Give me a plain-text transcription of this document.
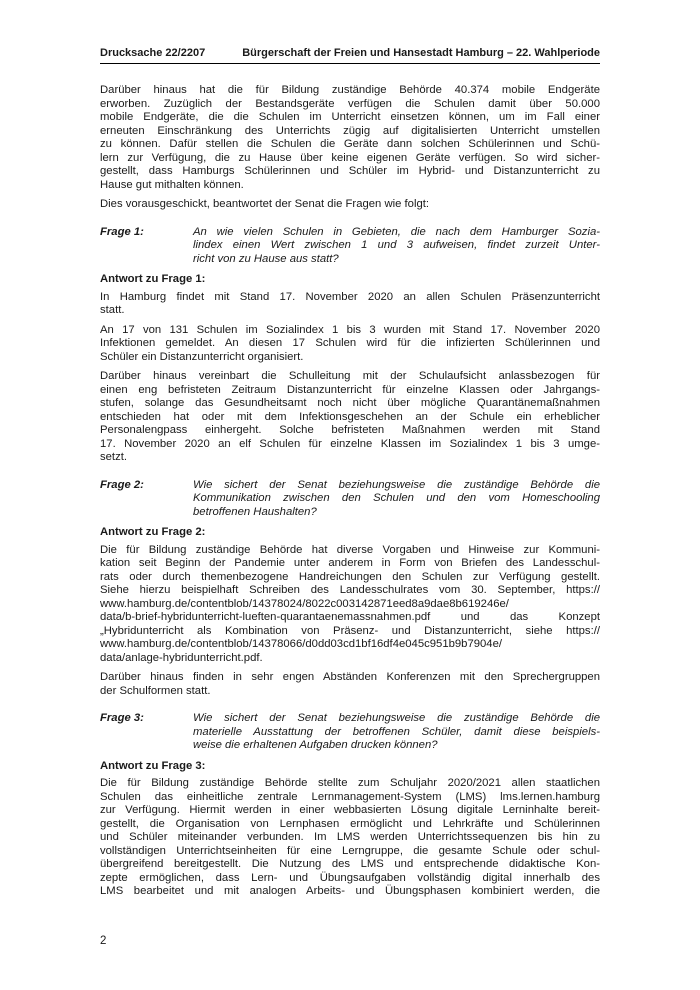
Drucksache 22/2207	Bürgerschaft der Freien und Hansestadt Hamburg – 22. Wahlperiode
Darüber hinaus hat die für Bildung zuständige Behörde 40.374 mobile Endgeräte
erworben. Zuzüglich der Bestandsgeräte verfügen die Schulen damit über 50.000
mobile Endgeräte, die die Schulen im Unterricht einsetzen können, um im Fall einer
erneuten Einschränkung des Unterrichts zügig auf digitalisierten Unterricht umstellen
zu können. Dafür stellen die Schulen die Geräte dann solchen Schülerinnen und Schü-
lern zur Verfügung, die zu Hause über keine eigenen Geräte verfügen. So wird sicher-
gestellt, dass Hamburgs Schülerinnen und Schüler im Hybrid- und Distanzunterricht zu
Hause gut mithalten können.
Dies vorausgeschickt, beantwortet der Senat die Fragen wie folgt:
Frage 1:	An wie vielen Schulen in Gebieten, die nach dem Hamburger Sozia-
lindex einen Wert zwischen 1 und 3 aufweisen, findet zurzeit Unter-
richt von zu Hause aus statt?
Antwort zu Frage 1:
In Hamburg findet mit Stand 17. November 2020 an allen Schulen Präsenzunterricht
statt.
An 17 von 131 Schulen im Sozialindex 1 bis 3 wurden mit Stand 17. November 2020
Infektionen gemeldet. An diesen 17 Schulen wird für die infizierten Schülerinnen und
Schüler ein Distanzunterricht organisiert.
Darüber hinaus vereinbart die Schulleitung mit der Schulaufsicht anlassbezogen für
einen eng befristeten Zeitraum Distanzunterricht für einzelne Klassen oder Jahrgangs-
stufen, solange das Gesundheitsamt noch nicht über mögliche Quarantänemaßnahmen
entschieden hat oder mit dem Infektionsgeschehen an der Schule ein erheblicher
Personalengpass einhergeht. Solche befristeten Maßnahmen werden mit Stand
17. November 2020 an elf Schulen für einzelne Klassen im Sozialindex 1 bis 3 umge-
setzt.
Frage 2:	Wie sichert der Senat beziehungsweise die zuständige Behörde die
Kommunikation zwischen den Schulen und den vom Homeschooling
betroffenen Haushalten?
Antwort zu Frage 2:
Die für Bildung zuständige Behörde hat diverse Vorgaben und Hinweise zur Kommuni-
kation seit Beginn der Pandemie unter anderem in Form von Briefen des Landesschul-
rats oder durch themenbezogene Handreichungen den Schulen zur Verfügung gestellt.
Siehe hierzu beispielhaft Schreiben des Landesschulrates vom 30. September, https://
www.hamburg.de/contentblob/14378024/8022c003142871eed8a9dae8b619246e/
data/b-brief-hybridunterricht-lueften-quarantaenemassnahmen.pdf und das Konzept
„Hybridunterricht als Kombination von Präsenz- und Distanzunterricht, siehe https://
www.hamburg.de/contentblob/14378066/d0dd03cd1bf16df4e045c951b9b7904e/
data/anlage-hybridunterricht.pdf.
Darüber hinaus finden in sehr engen Abständen Konferenzen mit den Sprechergruppen
der Schulformen statt.
Frage 3:	Wie sichert der Senat beziehungsweise die zuständige Behörde die
materielle Ausstattung der betroffenen Schüler, damit diese beispiels-
weise die erhaltenen Aufgaben drucken können?
Antwort zu Frage 3:
Die für Bildung zuständige Behörde stellte zum Schuljahr 2020/2021 allen staatlichen
Schulen das einheitliche zentrale Lernmanagement-System (LMS) lms.lernen.hamburg
zur Verfügung. Hiermit werden in einer webbasierten Lösung digitale Lerninhalte bereit-
gestellt, die Organisation von Lernphasen ermöglicht und Lehrkräfte und Schülerinnen
und Schüler miteinander verbunden. Im LMS werden Unterrichtssequenzen bis hin zu
vollständigen Unterrichtseinheiten für eine Lerngruppe, die gesamte Schule oder schul-
übergreifend bereitgestellt. Die Nutzung des LMS und entsprechende didaktische Kon-
zepte ermöglichen, dass Lern- und Übungsaufgaben vollständig digital innerhalb des
LMS bearbeitet und mit analogen Arbeits- und Übungsphasen kombiniert werden, die
2
